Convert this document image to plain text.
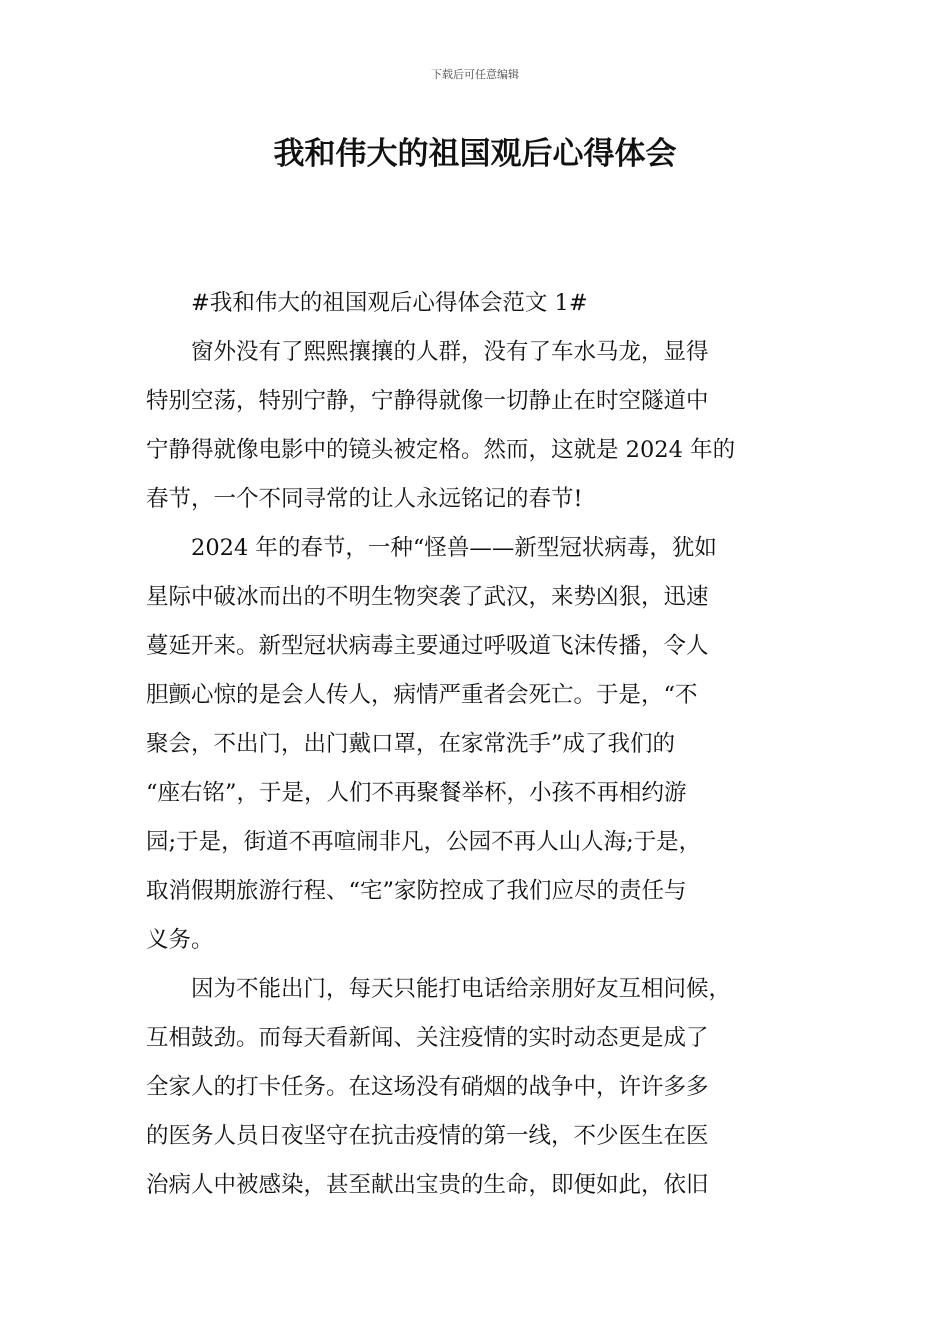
下载后可任意编辑
我和伟大的祖国观后心得体会

#我和伟大的祖国观后心得体会范文 1#

窗外没有了熙熙攘攘的人群，没有了车水马龙，显得
特别空荡，特别宁静，宁静得就像一切静止在时空隧道中
宁静得就像电影中的镜头被定格。然而，这就是 2024 年的
春节，一个不同寻常的让人永远铭记的春节!

2024 年的春节，一种“怪兽——新型冠状病毒，犹如
星际中破冰而出的不明生物突袭了武汉，来势凶狠，迅速
蔓延开来。新型冠状病毒主要通过呼吸道飞沫传播，令人
胆颤心惊的是会人传人，病情严重者会死亡。于是，“不
聚会，不出门，出门戴口罩，在家常洗手”成了我们的
“座右铭”，于是，人们不再聚餐举杯，小孩不再相约游
园;于是，街道不再喧闹非凡，公园不再人山人海;于是，
取消假期旅游行程、“宅”家防控成了我们应尽的责任与
义务。

因为不能出门，每天只能打电话给亲朋好友互相问候，
互相鼓劲。而每天看新闻、关注疫情的实时动态更是成了
全家人的打卡任务。在这场没有硝烟的战争中，许许多多
的医务人员日夜坚守在抗击疫情的第一线，不少医生在医
治病人中被感染，甚至献出宝贵的生命，即便如此，依旧
